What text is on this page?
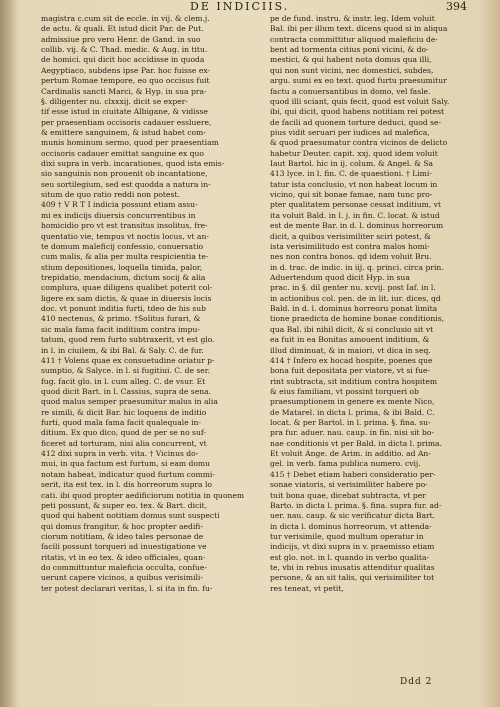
DE INDICIIS.	394
magistra c.cum sit de eccle. in vij. & clem.j.
de actu. & quali. Et istud dicit Par. de Put.
admissiue pro vero Henr. de Gand. in suo
collib. vij. & C. Thad. medic. & Aug. in titu.
de homici. qui dicit hoc accidisse in quoda
Aegyptiaco, subdens ipse Par. hoc fuisse ex-
pertum Romae tempore, eo quo occisus fuit
Cardinalis sancti Marci, & Hyp. in sua pra-
§. diligenter nu. clxxxij. dicit se exper-
tif esse istud in ciuitate Albigane, & vidisse
per praesentiam occisoris cadauer essluere,
& emittere sanguinem, & istud habet com-
munis hominum sermo, quod per praesentiam
occisoris cadauer emittat sanguine ex quo
dixi supra in verb. incarationes, quod ista emis-
sio sanguinis non prouenit ob incantatione,
seu sortilegium, sed est quodda a natura in-
situm de quo ratio reddi non potest.
409 † V R T I indicia possunt etiam assu-
mi ex indicijs diuersis concurrentibus in
homicidio pro vt est transitus insolitus, fre-
quentatio vie, tempus vt noctis locus, vt an-
te domum maleficij confessio, conuersatio
cum malis, & alia per multa respicientia te-
stium depositiones, loquella timida, palor,
trepidatio, mendacium, dictum socij & alia
complura, quae diligens qualibet poterit col-
ligere ex sam dictis, & quae in diuersis locis
doc. vt ponunt inditia furti, tdeo de his sub
410 nectenus, & primo. †Solitus furari, &
sic mala fama facit inditium contra impu-
tatum, quod rem furto subtraxerit, vt est glo.
in l. in ciuilem, & ibi Bal. & Saly. C. de fur.
411 † Volens quae ex consuetudine oriatur p-
sumptio, & Salyce. in l. si fugitiui. C. de ser.
fug. facit glo. in l. cum alleg. C. de vsur. Et
quod dicit Bart. in l. Cassius, supra de sena.
quod malus semper praesumitur malus in alia
re simili, & dicit Bar. hic loquens de inditio
furti, quod mala fama facit qualequale in-
ditium. Ex quo dico, quod de per se no suf-
ficeret ad torturam, nisi alia concurrent, vt
412 dixi supra in verb. vita. † Vicinus do-
mui, in qua factum est furtum, si eam domu
notam habeat, indicatur quod furtum commi-
serit, ita est tex. in l. dis horreorum supra lo
cati. ibi quod propter aedificiorum notitia in quonem
peti possunt, & super eo. tex. & Bart. dicit,
quod qui habent notitiam domus sunt suspecti
qui domus frangitur, & hoc propter aedifi-
ciorum notitiam, & ideo tales personae de
facili possunt torqueri ad inuestigatione ve
ritatis, vt in eo tex. & ideo officiales, quan-
do committuntur maleficia occulta, confue-
uerunt capere vicinos, a quibus verisimili-
ter potest declarari veritas, l. si ita in fin. fu-
pe de fund. instru. & instr. leg. Idem voluit
Bal. ibi per illum text. dicens quod si in aliqua
contracta committitur aliquod maleficiu de-
bent ad tormenta citius poni vicini, & do-
mestici, & qui habent nota domus qua illi,
qui non sunt vicini, nec domestici, subdes,
argu. sumi ex eo text. quod furtu praesumitur
factu a conuersantibus in domo, vel fasle.
quod illi sciant, quis fecit, quod est voluit Saly.
ibi, qui dicit, quod habens notitiam rei potest
de facili ad quonem torture deduci, quod se-
pius vidit seruari per iudices ad malefica,
& quod praesumatur contra vicinos de delicto
habetur Deuter. capit. xxj. quod idem voluit
Iaut Bartol. hic in ij. colum. & Angel. & Sa
413 lyce. in l. fin. C. de quaestioni. † Limi-
tatur ista conclusio, vt non habeat locum in
vicino, qui sit bonae famae, nam tunc pro-
pter qualitatem personae cessat inditium, vt
ita voluit Bald. in l. j. in fin. C. locat. & istud
est de mente Bar. in d. l. dominus horreorum
dicit, a quibus verisimiliter sciri potest, &
ista verisimilitudo est contra malos homi-
nes non contra bonos. qd idem voluit Bru.
in d. trac. de indic. in iij. q. princi. circa prin.
Aduertendum quod dicit Hyp. in sua
prac. in §. dil genter nu. xcvij. post Iaf. in l.
in actionibus col. pen. de in lit. iur. dices, qd
Bald. in d. l. dominus horreoru ponat limita
tione praedicta de homine bonae conditionis,
qua Bal. ibi nihil dicit, & si conclusio sit vt
ea fuit in ea Bonitas amouent inditium, &
illud diminuat, & in maiori, vt dica in seq.
414 † Infero ex hocad hospite, poenes que
bona fuit depositata per viatore, vt si fue-
rint subtracta, sit inditium contra hospitem
& eius familiam, vt possint torqueri ob
praesumptionem in genere ex mente Nico,
de Matarel. in dicta l. prima, & ibi Bald. C.
locat. & per Bartol. in l. prima. §. fina. su-
pra fur. aduer. nau. caup. in fin. nisi sit bo-
nae conditionis vt per Bald. in dicta l. prima.
Et voluit Ange. de Arim. in additio. ad An-
gel. in verb. fama publica numero. cvij.
415 † Debet etiam haberi consideratio per-
sonae viatoris, si verisimiliter habere po-
tuit bona quae, dicebat subtracta, vt per
Barto. in dicta l. prima. §. fina. supra fur. ad-
uer. nau. caup. & sic verificatur dicta Bart.
in dicta l. dominus horreorum, vt attenda-
tur verisimile, quod multum operatur in
indicijs, vt dixi supra in v. praemisso etiam
est glo. not. in l. quando in verbo qualita-
te, vbi in rebus inusatis attenditur qualitas
persone, & an sit talis, qui verisimiliter tot
res teneat, vt petit,
Ddd 2
